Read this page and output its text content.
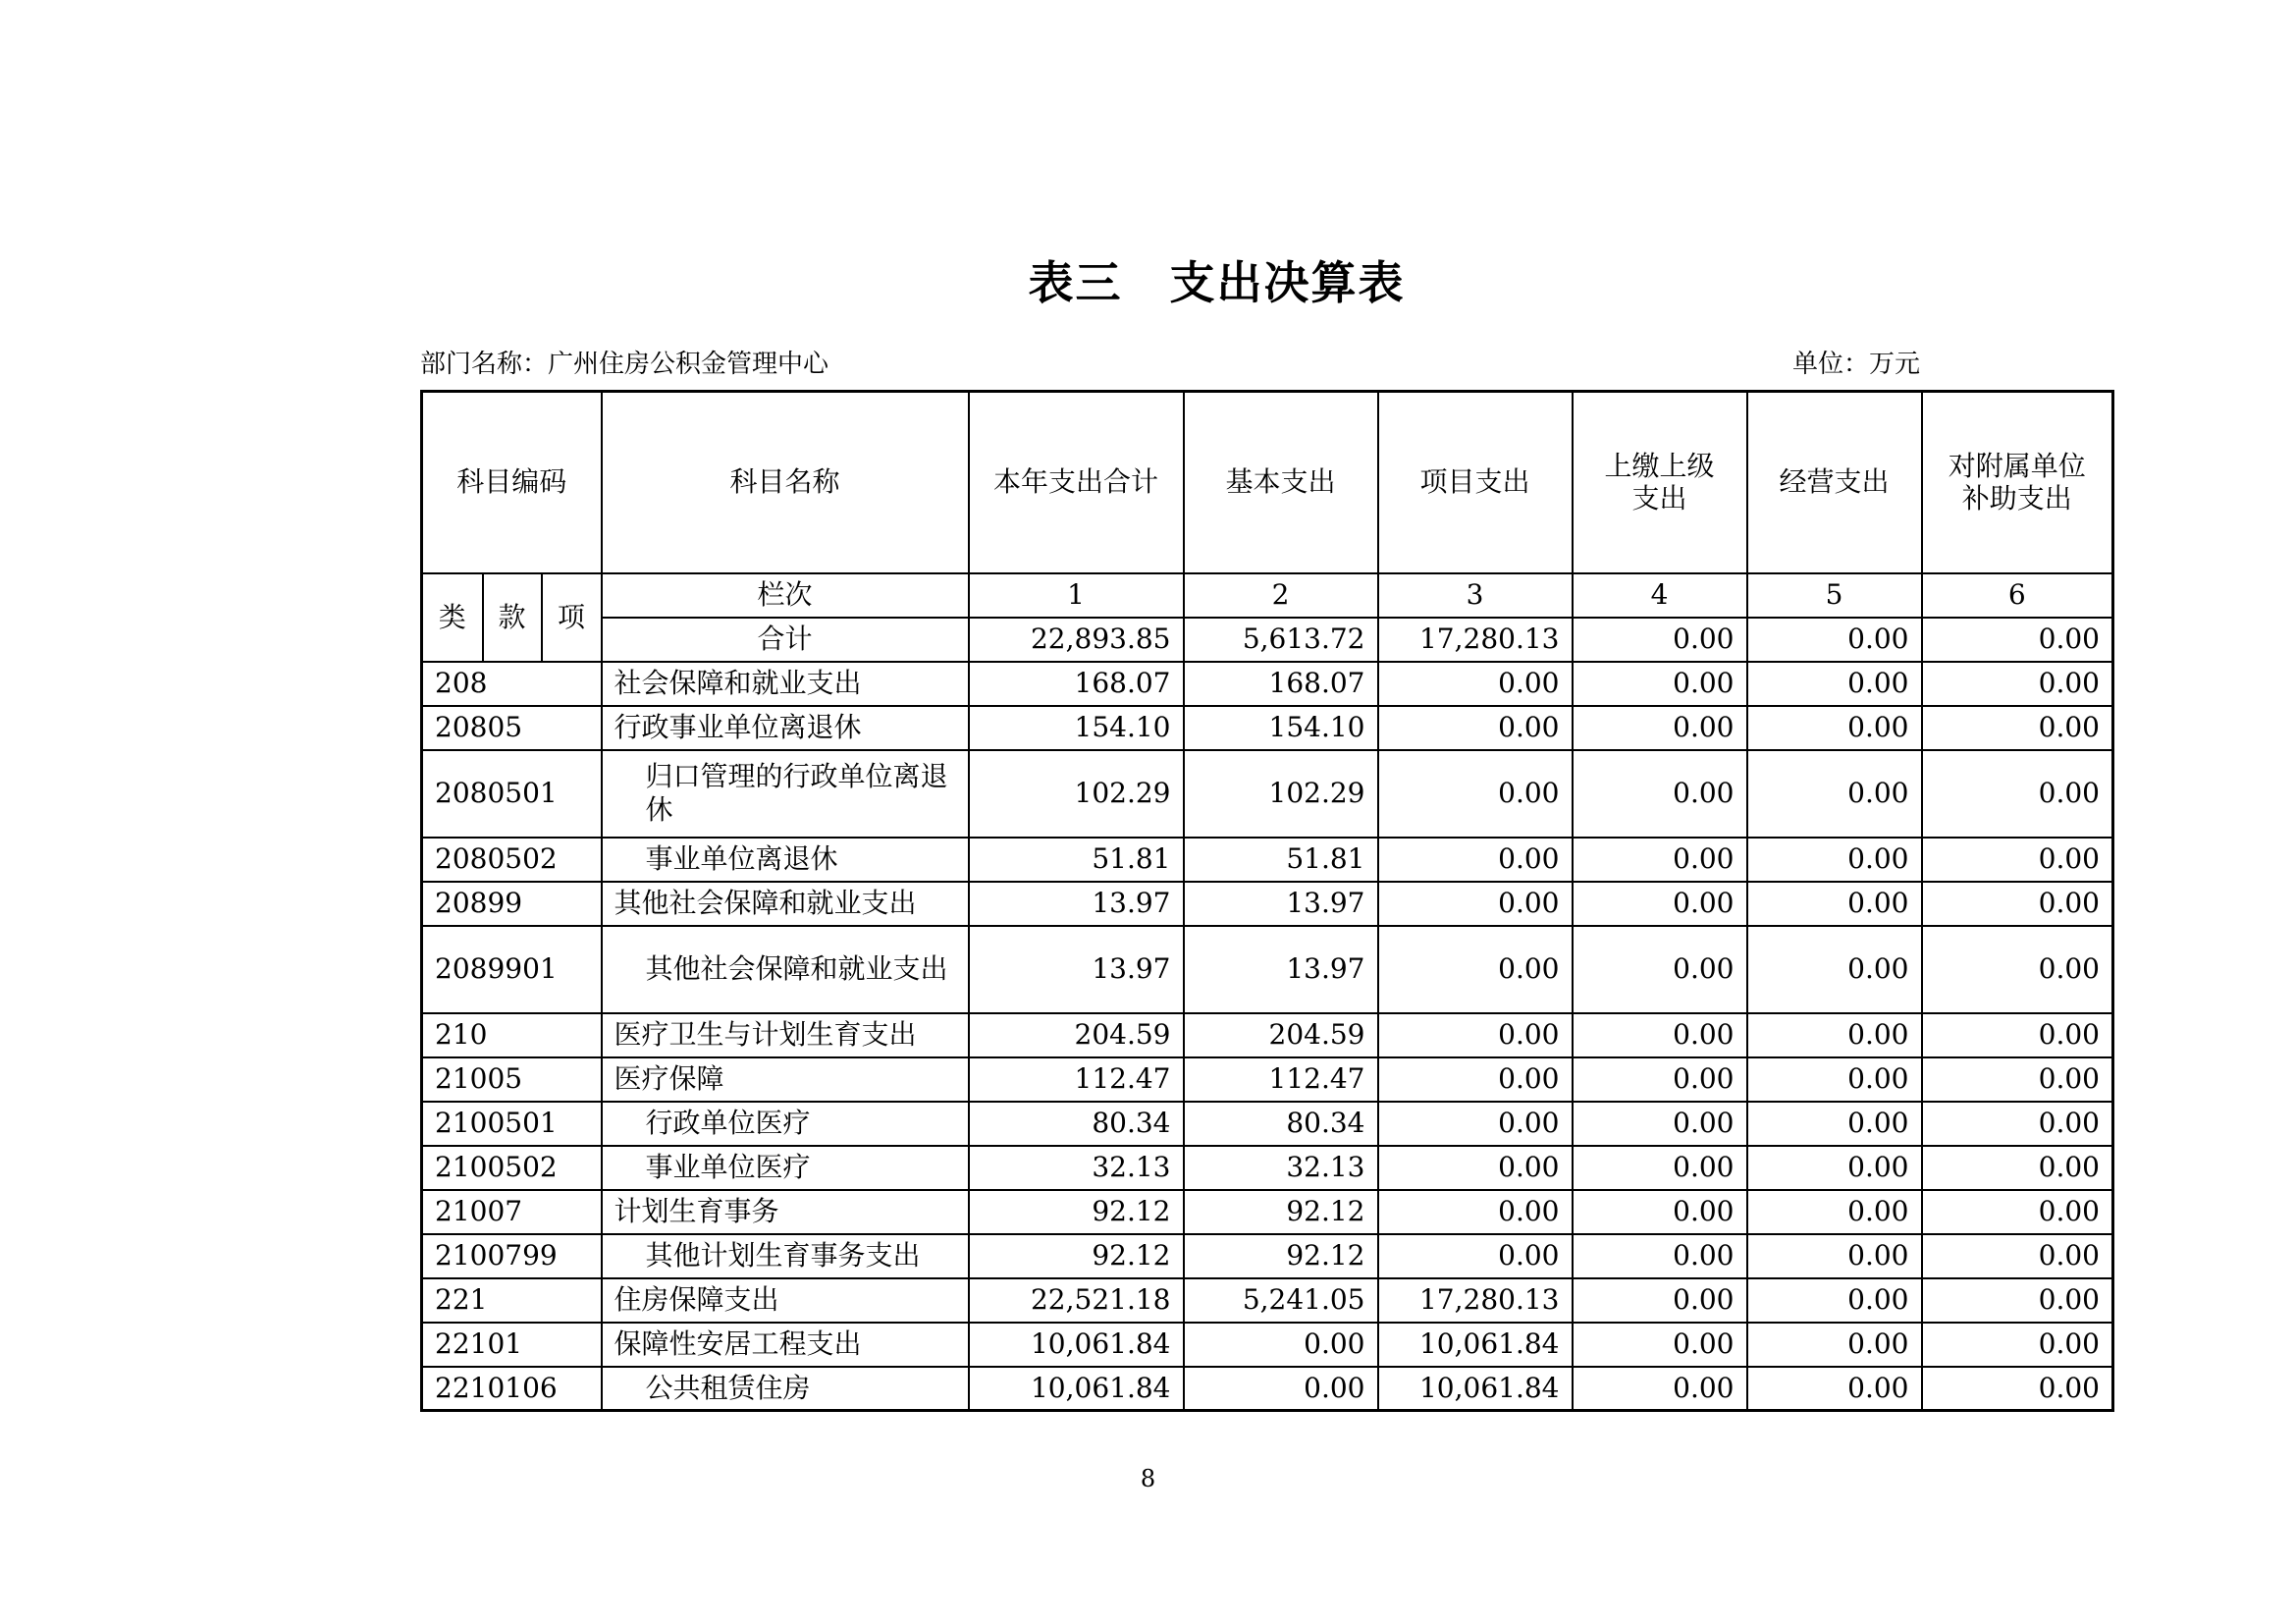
表三　支出决算表
部门名称：广州住房公积金管理中心	单位：万元
科目编码			科目名称	本年支出合计	基本支出	项目支出	上缴上级支出	经营支出	对附属单位补助支出
类	款	项	栏次	1	2	3	4	5	6
			合计	22,893.85	5,613.72	17,280.13	0.00	0.00	0.00
208			社会保障和就业支出	168.07	168.07	0.00	0.00	0.00	0.00
20805			行政事业单位离退休	154.10	154.10	0.00	0.00	0.00	0.00
2080501			归口管理的行政单位离退休	102.29	102.29	0.00	0.00	0.00	0.00
2080502			事业单位离退休	51.81	51.81	0.00	0.00	0.00	0.00
20899			其他社会保障和就业支出	13.97	13.97	0.00	0.00	0.00	0.00
2089901			其他社会保障和就业支出	13.97	13.97	0.00	0.00	0.00	0.00
210			医疗卫生与计划生育支出	204.59	204.59	0.00	0.00	0.00	0.00
21005			医疗保障	112.47	112.47	0.00	0.00	0.00	0.00
2100501			行政单位医疗	80.34	80.34	0.00	0.00	0.00	0.00
2100502			事业单位医疗	32.13	32.13	0.00	0.00	0.00	0.00
21007			计划生育事务	92.12	92.12	0.00	0.00	0.00	0.00
2100799			其他计划生育事务支出	92.12	92.12	0.00	0.00	0.00	0.00
221			住房保障支出	22,521.18	5,241.05	17,280.13	0.00	0.00	0.00
22101			保障性安居工程支出	10,061.84	0.00	10,061.84	0.00	0.00	0.00
2210106			公共租赁住房	10,061.84	0.00	10,061.84	0.00	0.00	0.00
8
